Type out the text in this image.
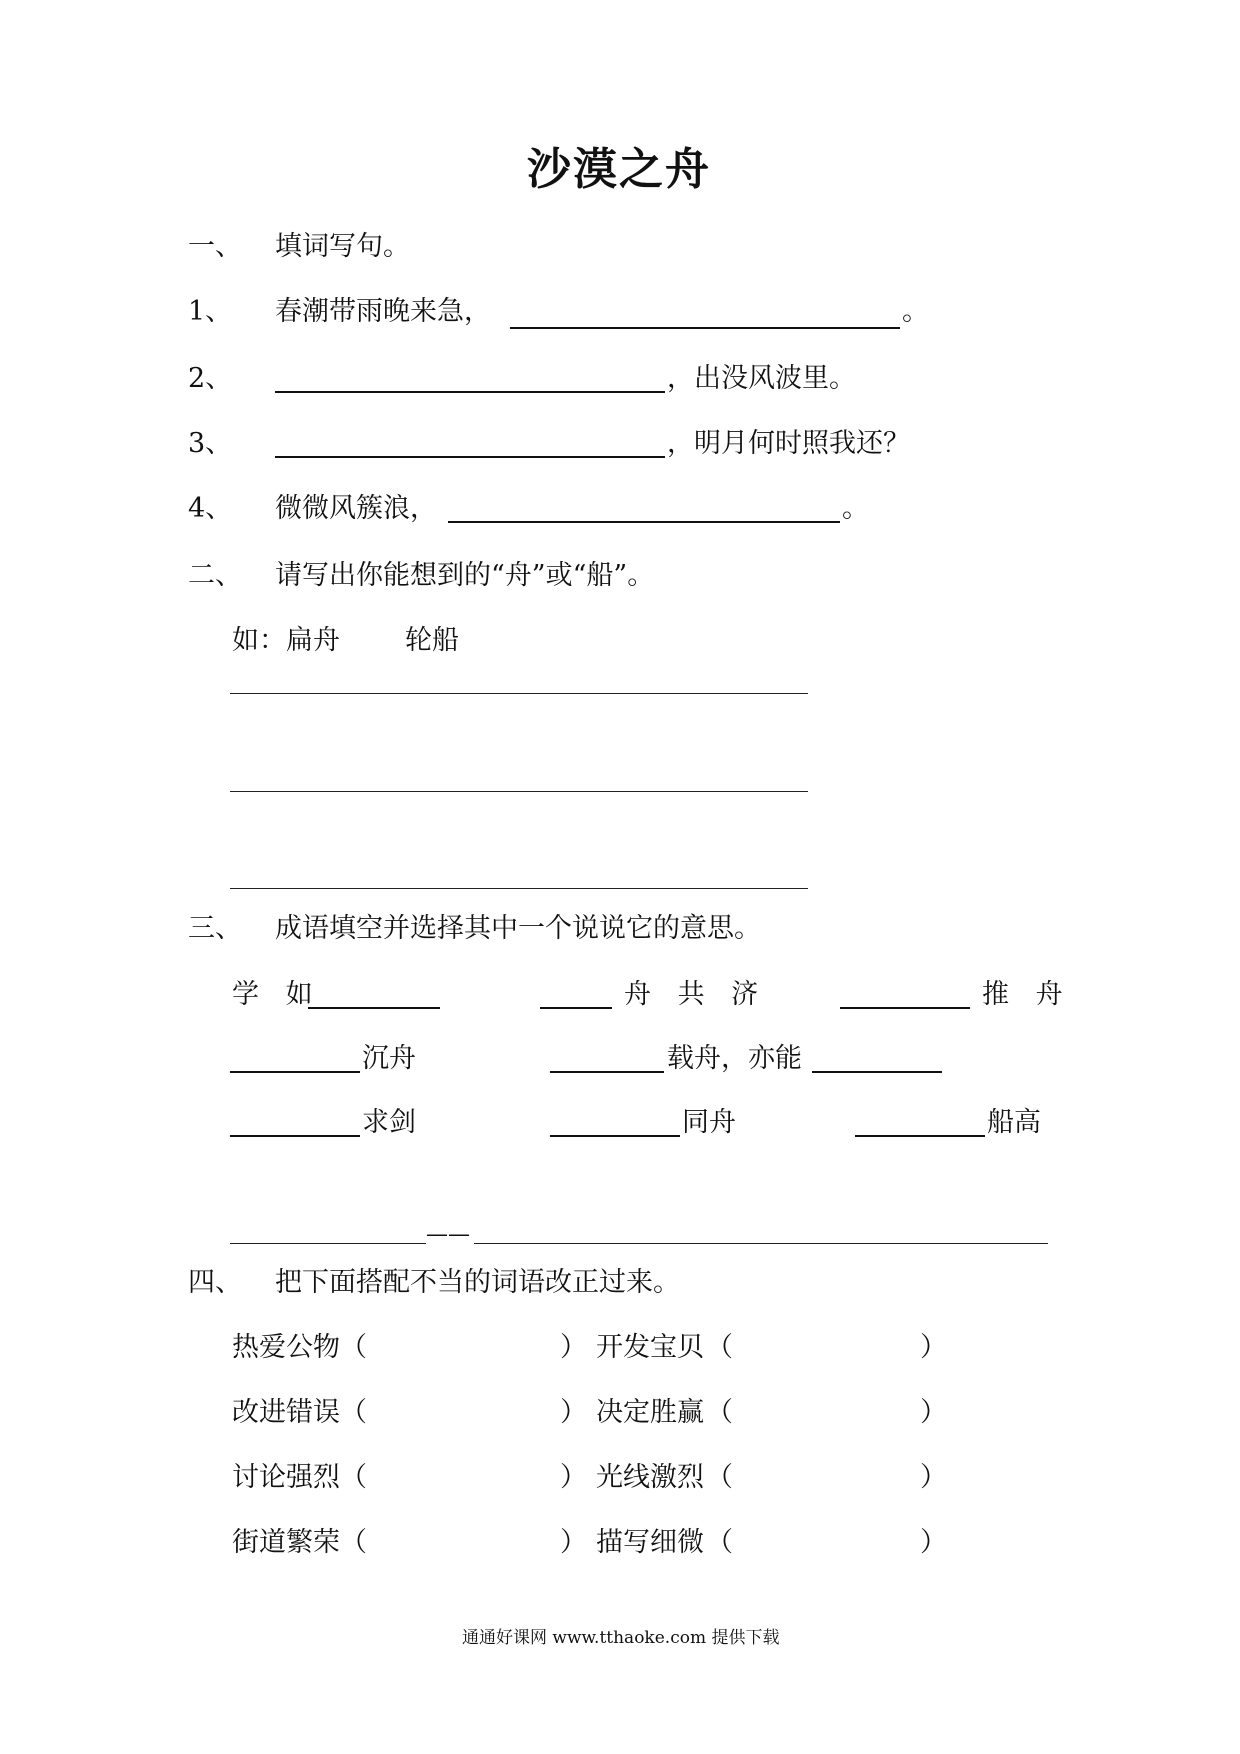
沙漠之舟
一、 填词写句。
1、 春潮带雨晚来急，	。
2、	，出没风波里。
3、	，明月何时照我还？
4、 微微风簇浪，	。
二、 请写出你能想到的“舟”或“船”。
如：扁舟 轮船
三、 成语填空并选择其中一个说说它的意思。
学 如	舟 共 济	推 舟
沉舟	载舟，亦能
求剑	同舟	船高
——
四、 把下面搭配不当的词语改正过来。
热爱公物 （	） 开发宝贝 （	）
改进错误 （	） 决定胜赢 （	）
讨论强烈 （	） 光线激烈 （	）
街道繁荣 （	） 描写细微 （	）
通通好课网 www.tthaoke.com 提供下载
